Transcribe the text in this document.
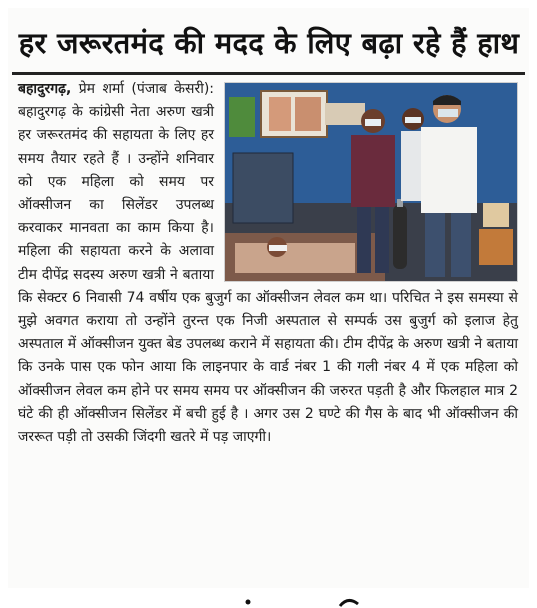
हर जरूरतमंद की मदद के लिए बढ़ा रहे हैं हाथ

बहादुरगढ़, प्रेम शर्मा (पंजाब केसरी): बहादुरगढ़ के कांग्रेसी नेता अरुण खत्री हर जरूरतमंद की सहायता के लिए हर समय तैयार रहते हैं । उन्होंने शनिवार को एक महिला को समय पर ऑक्सीजन का सिलेंडर उपलब्ध करवाकर मानवता का काम किया है। महिला की सहायता करने के अलावा टीम दीपेंद्र सदस्य अरुण खत्री ने बताया कि सेक्टर 6 निवासी 74 वर्षीय एक बुजुर्ग का ऑक्सीजन लेवल कम था। परिचित ने इस समस्या से मुझे अवगत कराया तो उन्होंने तुरन्त एक निजी अस्पताल से सम्पर्क उस बुजुर्ग को इलाज हेतु अस्पताल में ऑक्सीजन युक्त बेड उपलब्ध कराने में सहायता की। टीम दीपेंद्र के अरुण खत्री ने बताया कि उनके पास एक फोन आया कि लाइनपार के वार्ड नंबर 1 की गली नंबर 4 में एक महिला को ऑक्सीजन लेवल कम होने पर समय समय पर ऑक्सीजन की जरुरत पड़ती है और फिलहाल मात्र 2 घंटे की ही ऑक्सीजन सिलेंडर में बची हुई है । अगर उस 2 घण्टे की गैस के बाद भी ऑक्सीजन की जररूत पड़ी तो उसकी जिंदगी खतरे में पड़ जाएगी।
